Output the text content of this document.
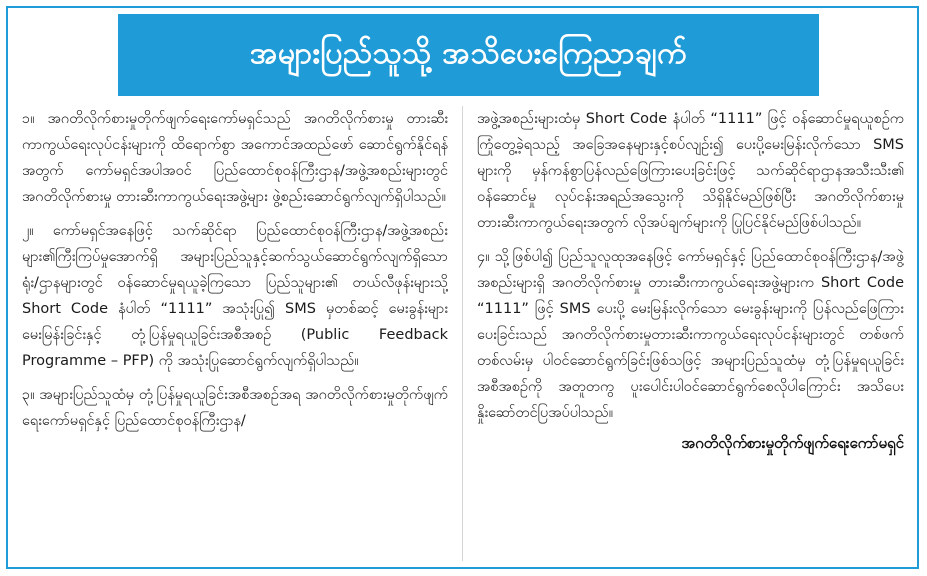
အများပြည်သူသို့ အသိပေးကြေညာချက်

၁။ အဂတိလိုက်စားမှုတိုက်ဖျက်ရေးကော်မရှင်သည် အဂတိလိုက်စားမှု တားဆီးကာကွယ်ရေးလုပ်ငန်းများကို ထိရောက်စွာ အကောင်အထည်ဖော် ဆောင်ရွက်နိုင်ရန်အတွက် ကော်မရှင်အပါအဝင် ပြည်ထောင်စုဝန်ကြီးဌာန/အဖွဲ့အစည်းများတွင် အဂတိလိုက်စားမှု တားဆီးကာကွယ်ရေးအဖွဲ့များ ဖွဲ့စည်းဆောင်ရွက်လျက်ရှိပါသည်။

၂။ ကော်မရှင်အနေဖြင့် သက်ဆိုင်ရာ ပြည်ထောင်စုဝန်ကြီးဌာန/အဖွဲ့အစည်းများ၏ကြီးကြပ်မှုအောက်ရှိ အများပြည်သူနှင့်ဆက်သွယ်ဆောင်ရွက်လျက်ရှိသော ရုံး/ဌာနများတွင် ဝန်ဆောင်မှုရယူခဲ့ကြသော ပြည်သူများ၏ တယ်လီဖုန်းများသို့ Short Code နံပါတ် “1111” အသုံးပြု၍ SMS မှတစ်ဆင့် မေးခွန်းများမေးမြန်းခြင်းနှင့် တုံ့ပြန်မှုရယူခြင်းအစီအစဉ် (Public Feedback Programme – PFP) ကို အသုံးပြုဆောင်ရွက်လျက်ရှိပါသည်။

၃။ အများပြည်သူထံမှ တုံ့ပြန်မှုရယူခြင်းအစီအစဉ်အရ အဂတိလိုက်စားမှုတိုက်ဖျက်ရေးကော်မရှင်နှင့် ပြည်ထောင်စုဝန်ကြီးဌာန/

အဖွဲ့အစည်းများထံမှ Short Code နံပါတ် “1111” ဖြင့် ဝန်ဆောင်မှုရယူစဉ်က ကြုံတွေ့ခဲ့ရသည့် အခြေအနေများနှင့်စပ်လျဉ်း၍ ပေးပို့မေးမြန်းလိုက်သော SMS များကို မှန်ကန်စွာပြန်လည်ဖြေကြားပေးခြင်းဖြင့် သက်ဆိုင်ရာဌာနအသီးသီး၏ ဝန်ဆောင်မှု လုပ်ငန်းအရည်အသွေးကို သိရှိနိုင်မည်ဖြစ်ပြီး အဂတိလိုက်စားမှု တားဆီးကာကွယ်ရေးအတွက် လိုအပ်ချက်များကို ပြုပြင်နိုင်မည်ဖြစ်ပါသည်။

၄။ သို့ဖြစ်ပါ၍ ပြည်သူလူထုအနေဖြင့် ကော်မရှင်နှင့် ပြည်ထောင်စုဝန်ကြီးဌာန/အဖွဲ့အစည်းများရှိ အဂတိလိုက်စားမှု တားဆီးကာကွယ်ရေးအဖွဲ့များက Short Code “1111” ဖြင့် SMS ပေးပို့ မေးမြန်းလိုက်သော မေးခွန်းများကို ပြန်လည်ဖြေကြားပေးခြင်းသည် အဂတိလိုက်စားမှုတားဆီးကာကွယ်ရေးလုပ်ငန်းများတွင် တစ်ဖက်တစ်လမ်းမှ ပါဝင်ဆောင်ရွက်ခြင်းဖြစ်သဖြင့် အများပြည်သူထံမှ တုံ့ပြန်မှုရယူခြင်း အစီအစဉ်ကို အတူတကွ ပူးပေါင်းပါဝင်ဆောင်ရွက်စေလိုပါကြောင်း အသိပေးနှိုးဆော်တင်ပြအပ်ပါသည်။

အဂတိလိုက်စားမှုတိုက်ဖျက်ရေးကော်မရှင်
